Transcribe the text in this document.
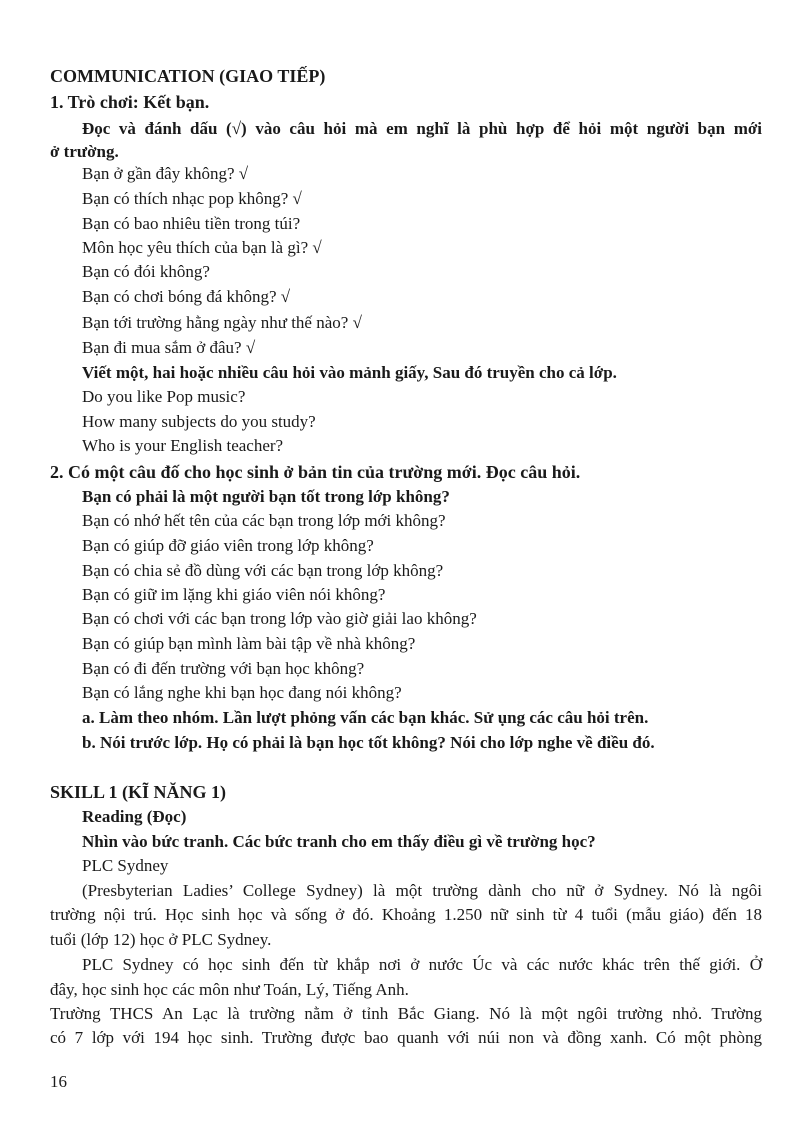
COMMUNICATION (GIAO TIẾP)
1. Trò chơi: Kết bạn.
Đọc và đánh dấu (√) vào câu hỏi mà em nghĩ là phù hợp để hỏi một người bạn mới
ở trường.
Bạn ở gần đây không? √
Bạn có thích nhạc pop không? √
Bạn có bao nhiêu tiền trong túi?
Môn học yêu thích của bạn là gì? √
Bạn có đói không?
Bạn có chơi bóng đá không? √
Bạn tới trường hằng ngày như thế nào? √
Bạn đi mua sắm ở đâu? √
Viết một, hai hoặc nhiều câu hỏi vào mảnh giấy, Sau đó truyền cho cả lớp.
Do you like Pop music?
How many subjects do you study?
Who is your English teacher?
2. Có một câu đố cho học sinh ở bản tin của trường mới. Đọc câu hỏi.
Bạn có phải là một người bạn tốt trong lớp không?
Bạn có nhớ hết tên của các bạn trong lớp mới không?
Bạn có giúp đỡ giáo viên trong lớp không?
Bạn có chia sẻ đồ dùng với các bạn trong lớp không?
Bạn có giữ im lặng khi giáo viên nói không?
Bạn có chơi với các bạn trong lớp vào giờ giải lao không?
Bạn có giúp bạn mình làm bài tập về nhà không?
Bạn có đi đến trường với bạn học không?
Bạn có lắng nghe khi bạn học đang nói không?
a. Làm theo nhóm. Lần lượt phỏng vấn các bạn khác. Sử ụng các câu hỏi trên.
b. Nói trước lớp. Họ có phải là bạn học tốt không? Nói cho lớp nghe về điều đó.
SKILL 1 (KĨ NĂNG 1)
Reading (Đọc)
Nhìn vào bức tranh. Các bức tranh cho em thấy điều gì về trường học?
PLC Sydney
(Presbyterian Ladies’ College Sydney) là một trường dành cho nữ ở Sydney. Nó là ngôi
trường nội trú. Học sinh học và sống ở đó. Khoảng 1.250 nữ sinh từ 4 tuổi (mẫu giáo) đến 18
tuổi (lớp 12) học ở PLC Sydney.
PLC Sydney có học sinh đến từ khắp nơi ở nước Úc và các nước khác trên thế giới. Ở
đây, học sinh học các môn như Toán, Lý, Tiếng Anh.
Trường THCS An Lạc là trường nằm ở tỉnh Bắc Giang. Nó là một ngôi trường nhỏ. Trường
có 7 lớp với 194 học sinh. Trường được bao quanh với núi non và đồng xanh. Có một phòng
16
